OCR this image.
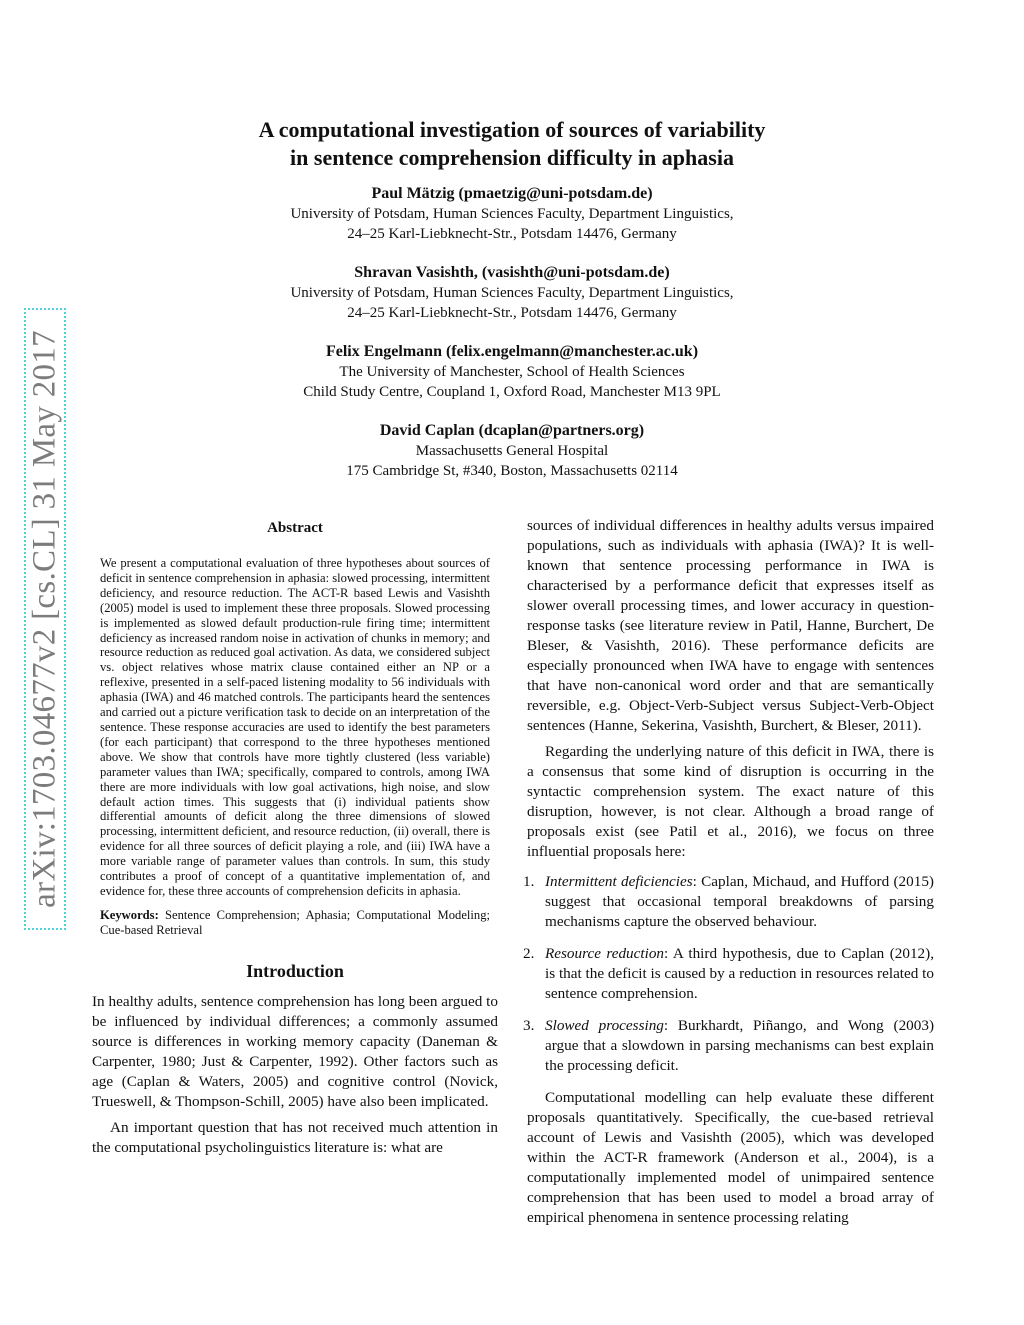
arXiv:1703.04677v2 [cs.CL] 31 May 2017
A computational investigation of sources of variability
in sentence comprehension difficulty in aphasia
Paul Mätzig (pmaetzig@uni-potsdam.de)
University of Potsdam, Human Sciences Faculty, Department Linguistics,
24–25 Karl-Liebknecht-Str., Potsdam 14476, Germany
Shravan Vasishth, (vasishth@uni-potsdam.de)
University of Potsdam, Human Sciences Faculty, Department Linguistics,
24–25 Karl-Liebknecht-Str., Potsdam 14476, Germany
Felix Engelmann (felix.engelmann@manchester.ac.uk)
The University of Manchester, School of Health Sciences
Child Study Centre, Coupland 1, Oxford Road, Manchester M13 9PL
David Caplan (dcaplan@partners.org)
Massachusetts General Hospital
175 Cambridge St, #340, Boston, Massachusetts 02114
Abstract
We present a computational evaluation of three hypotheses about sources of deficit in sentence comprehension in aphasia: slowed processing, intermittent deficiency, and resource reduction. The ACT-R based Lewis and Vasishth (2005) model is used to implement these three proposals. Slowed processing is implemented as slowed default production-rule firing time; intermittent deficiency as increased random noise in activation of chunks in memory; and resource reduction as reduced goal activation. As data, we considered subject vs. object relatives whose matrix clause contained either an NP or a reflexive, presented in a self-paced listening modality to 56 individuals with aphasia (IWA) and 46 matched controls. The participants heard the sentences and carried out a picture verification task to decide on an interpretation of the sentence. These response accuracies are used to identify the best parameters (for each participant) that correspond to the three hypotheses mentioned above. We show that controls have more tightly clustered (less variable) parameter values than IWA; specifically, compared to controls, among IWA there are more individuals with low goal activations, high noise, and slow default action times. This suggests that (i) individual patients show differential amounts of deficit along the three dimensions of slowed processing, intermittent deficient, and resource reduction, (ii) overall, there is evidence for all three sources of deficit playing a role, and (iii) IWA have a more variable range of parameter values than controls. In sum, this study contributes a proof of concept of a quantitative implementation of, and evidence for, these three accounts of comprehension deficits in aphasia.
Keywords: Sentence Comprehension; Aphasia; Computational Modeling; Cue-based Retrieval
Introduction

In healthy adults, sentence comprehension has long been argued to be influenced by individual differences; a commonly assumed source is differences in working memory capacity (Daneman & Carpenter, 1980; Just & Carpenter, 1992). Other factors such as age (Caplan & Waters, 2005) and cognitive control (Novick, Trueswell, & Thompson-Schill, 2005) have also been implicated.

An important question that has not received much attention in the computational psycholinguistics literature is: what are

sources of individual differences in healthy adults versus impaired populations, such as individuals with aphasia (IWA)? It is well-known that sentence processing performance in IWA is characterised by a performance deficit that expresses itself as slower overall processing times, and lower accuracy in question-response tasks (see literature review in Patil, Hanne, Burchert, De Bleser, & Vasishth, 2016). These performance deficits are especially pronounced when IWA have to engage with sentences that have non-canonical word order and that are semantically reversible, e.g. Object-Verb-Subject versus Subject-Verb-Object sentences (Hanne, Sekerina, Vasishth, Burchert, & Bleser, 2011).

Regarding the underlying nature of this deficit in IWA, there is a consensus that some kind of disruption is occurring in the syntactic comprehension system. The exact nature of this disruption, however, is not clear. Although a broad range of proposals exist (see Patil et al., 2016), we focus on three influential proposals here:

1. Intermittent deficiencies: Caplan, Michaud, and Hufford (2015) suggest that occasional temporal breakdowns of parsing mechanisms capture the observed behaviour.
2. Resource reduction: A third hypothesis, due to Caplan (2012), is that the deficit is caused by a reduction in resources related to sentence comprehension.
3. Slowed processing: Burkhardt, Piñango, and Wong (2003) argue that a slowdown in parsing mechanisms can best explain the processing deficit.

Computational modelling can help evaluate these different proposals quantitatively. Specifically, the cue-based retrieval account of Lewis and Vasishth (2005), which was developed within the ACT-R framework (Anderson et al., 2004), is a computationally implemented model of unimpaired sentence comprehension that has been used to model a broad array of empirical phenomena in sentence processing relating
